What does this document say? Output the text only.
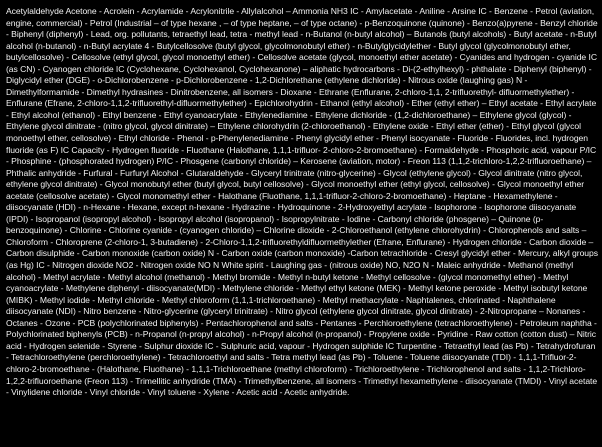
Acetylaldehyde Acetone - Acrolein - Acrylamide - Acrylonitrile - Allylalcohol – Ammonia NH3 IC - Amylacetate - Aniline - Arsine IC - Benzene - Petrol (aviation, engine, commercial) - Petrol (Industrial – of type hexane , – of type heptane, – of type octane) - p-Benzoquinone (quinone) - Benzo(a)pyrene - Benzyl chloride - Biphenyl (diphenyl) - Lead, org. pollutants, tetraethyl lead, tetra - methyl lead - n-Butanol (n-butyl alcohol) – Butanols (butyl alcohols) - Butyl acetate - n-Butyl alcohol (n-butanol) - n-Butyl acrylate 4 - Butylcellosolve (butyl glycol, glycolmonobutyl ether) - n-Butylglycidylether - Butyl glycol (glycolmonobutyl ether, butylcellosolve) - Cellosolve (ethyl glycol, glycol monoethyl ether) - Cellosolve acetate (glycol, monoethyl ether acetate) - Cyanides and hydrogen - cyanide IC (as CN) - Cyanogen chloride IC (Cyclohexane, Cyclohexanol, Cyclohexanone) – aliphatic hydrocarbons - Di-(2-ethylhexyl) - phthalate - Diphenyl (biphenyl) - Diglycidyl ether (DGE) - o-Dichlorobenzene - p-Dichlorobenzene - 1,2-Dichlorethane (ethylene dichloride) - Nitrous oxide (laughing gas) N - Dimethylformamide - Dimethyl hydrasines - Dinitrobenzene, all isomers - Dioxane - Ethrane (Enflurane, 2-chloro-1,1, 2-trifluorethyl- difluormethylether) - Enflurane (Efrane, 2-chloro-1,1,2-trifluorethyl-difluormethylether) - Epichlorohydrin - Ethanol (ethyl alcohol) - Ether (ethyl ether) – Ethyl acetate - Ethyl acrylate - Ethyl alcohol (ethanol) - Ethyl benzene - Ethyl cyanoacrylate - Ethylenediamine - Ethylene dichloride - (1,2-dichloroethane) – Ethylene glycol (glycol) - Ethylene glycol dinitrate - (nitro glycol, glycol dinitrate) – Ethylene chlorohydrin (2-chloroethanol) - Ethylene oxide - Ethyl ether (ether) - Ethyl glycol (glycol monoethyl ether, cellosolve) - Ethyl chloride - Phenol - p-Phenylenediamine - Phenyl glycidyl ether - Phenyl isocyanate - Fluoride - Fluorides, incl. hydrogen fluoride (as F) IC Capacity - Hydrogen fluoride - Fluothane (Halothane, 1,1,1-trifluor- 2-chloro-2-bromoethane) - Formaldehyde - Phosphoric acid, vapour P/IC - Phosphine - (phosphorated hydrogen) P/IC - Phosgene (carbonyl chloride) – Kerosene (aviation, motor) - Freon 113 (1,1,2-trichloro-1,2,2-trifluoroethane) – Phthalic anhydride - Furfural - Furfuryl Alcohol - Glutaraldehyde - Glyceryl trinitrate (nitro-glycerine) - Glycol (ethylene glycol) - Glycol dinitrate (nitro glycol, ethylene glycol dinitrate) - Glycol monobutyl ether (butyl glycol, butyl cellosolve) - Glycol monoethyl ether (ethyl glycol, cellosolve) - Glycol monoethyl ether acetate (cellosolve acetate) - Glycol monomethyl ether - Halothane (Fluothane, 1,1,1-trifluor-2-chloro-2-bromoethane) - Heptane - Hexamethylene - diisocyanate (HDI) - n-Hexane - Hexane, except n-hexane - Hydrazine - Hydroquinone - 2-Hydroxyethyl acrylate - Isophorone - Isophorone diisocyanate (IPDI) - Isopropanol (isopropyl alcohol) - Isopropyl alcohol (isopropanol) - Isopropylnitrate - Iodine - Carbonyl chloride (phosgene) – Quinone (p-benzoquinone) - Chlorine - Chlorine cyanide - (cyanogen chloride) – Chlorine dioxide - 2-Chloroethanol (ethylene chlorohydrin) - Chlorophenols and salts – Chloroform - Chloroprene (2-chloro-1, 3-butadiene) - 2-Chloro-1,1,2-trifluorethyldifluormethylether (Efrane, Enflurane) - Hydrogen chloride - Carbon dioxide – Carbon disulphide - Carbon monoxide (carbon oxide) N - Carbon oxide (carbon monoxide) -Carbon tetrachloride - Cresyl glycidyl ether - Mercury, alkyl groups (as Hg) IC - Nitrogen dioxide NO2 - Nitrogen oxide NO N White spirit - Laughing gas - (nitrous oxide) NO, N2O N - Maleic anhydride - Methanol (methyl alcohol) - Methyl acrylate - Methyl alcohol (methanol) - Methyl bromide - Methyl n-butyl ketone - Methyl cellosolve - (glycol monomethyl ether) - Methyl cyanoacrylate - Methylene diphenyl - diisocyanate(MDI) - Methylene chloride - Methyl ethyl ketone (MEK) - Methyl ketone peroxide - Methyl isobutyl ketone (MIBK) - Methyl iodide - Methyl chloride - Methyl chloroform (1,1,1-trichloroethane) - Methyl methacrylate - Naphtalenes, chlorinated - Naphthalene diisocyanate (NDI) - Nitro benzene - Nitro-glycerine (glyceryl trinitrate) - Nitro glycol (ethylene glycol dinitrate, glycol dinitrate) - 2-Nitropropane – Nonanes - Octanes - Ozone - PCB (polychlorinated biphenyls) - Pentachlorophenol and salts - Pentanes - Perchloroethylene (tetrachloroethylene) - Petroleum naphtha - Polychlorinated biphenyls (PCB) - n-Propanol (n-propyl alcohol) - n-Propyl alcohol (n-propanol) - Propylene oxide - Pyridine - Raw cotton (cotton dust) – Nitric acid - Hydrogen selenide - Styrene - Sulphur dioxide IC - Sulphuric acid, vapour - Hydrogen sulphide IC Turpentine - Tetraethyl lead (as Pb) - Tetrahydrofuran - Tetrachloroethylene (perchloroethylene) - Tetrachloroethyl and salts - Tetra methyl lead (as Pb) - Toluene - Toluene diisocyanate (TDI) - 1,1,1-Trifluor-2-chloro-2-bromoethane - (Halothane, Fluothane) - 1,1,1-Trichloroethane (methyl chloroform) - Trichloroethylene - Trichlorophenol and salts - 1,1,2-Trichloro-1,2,2-trifluoroethane (Freon 113) - Trimellitic anhydride (TMA) - Trimethylbenzene, all isomers - Trimethyl hexamethylene - diisocyanate (TMDI) - Vinyl acetate - Vinylidene chloride - Vinyl chloride - Vinyl toluene - Xylene - Acetic acid - Acetic anhydride.
